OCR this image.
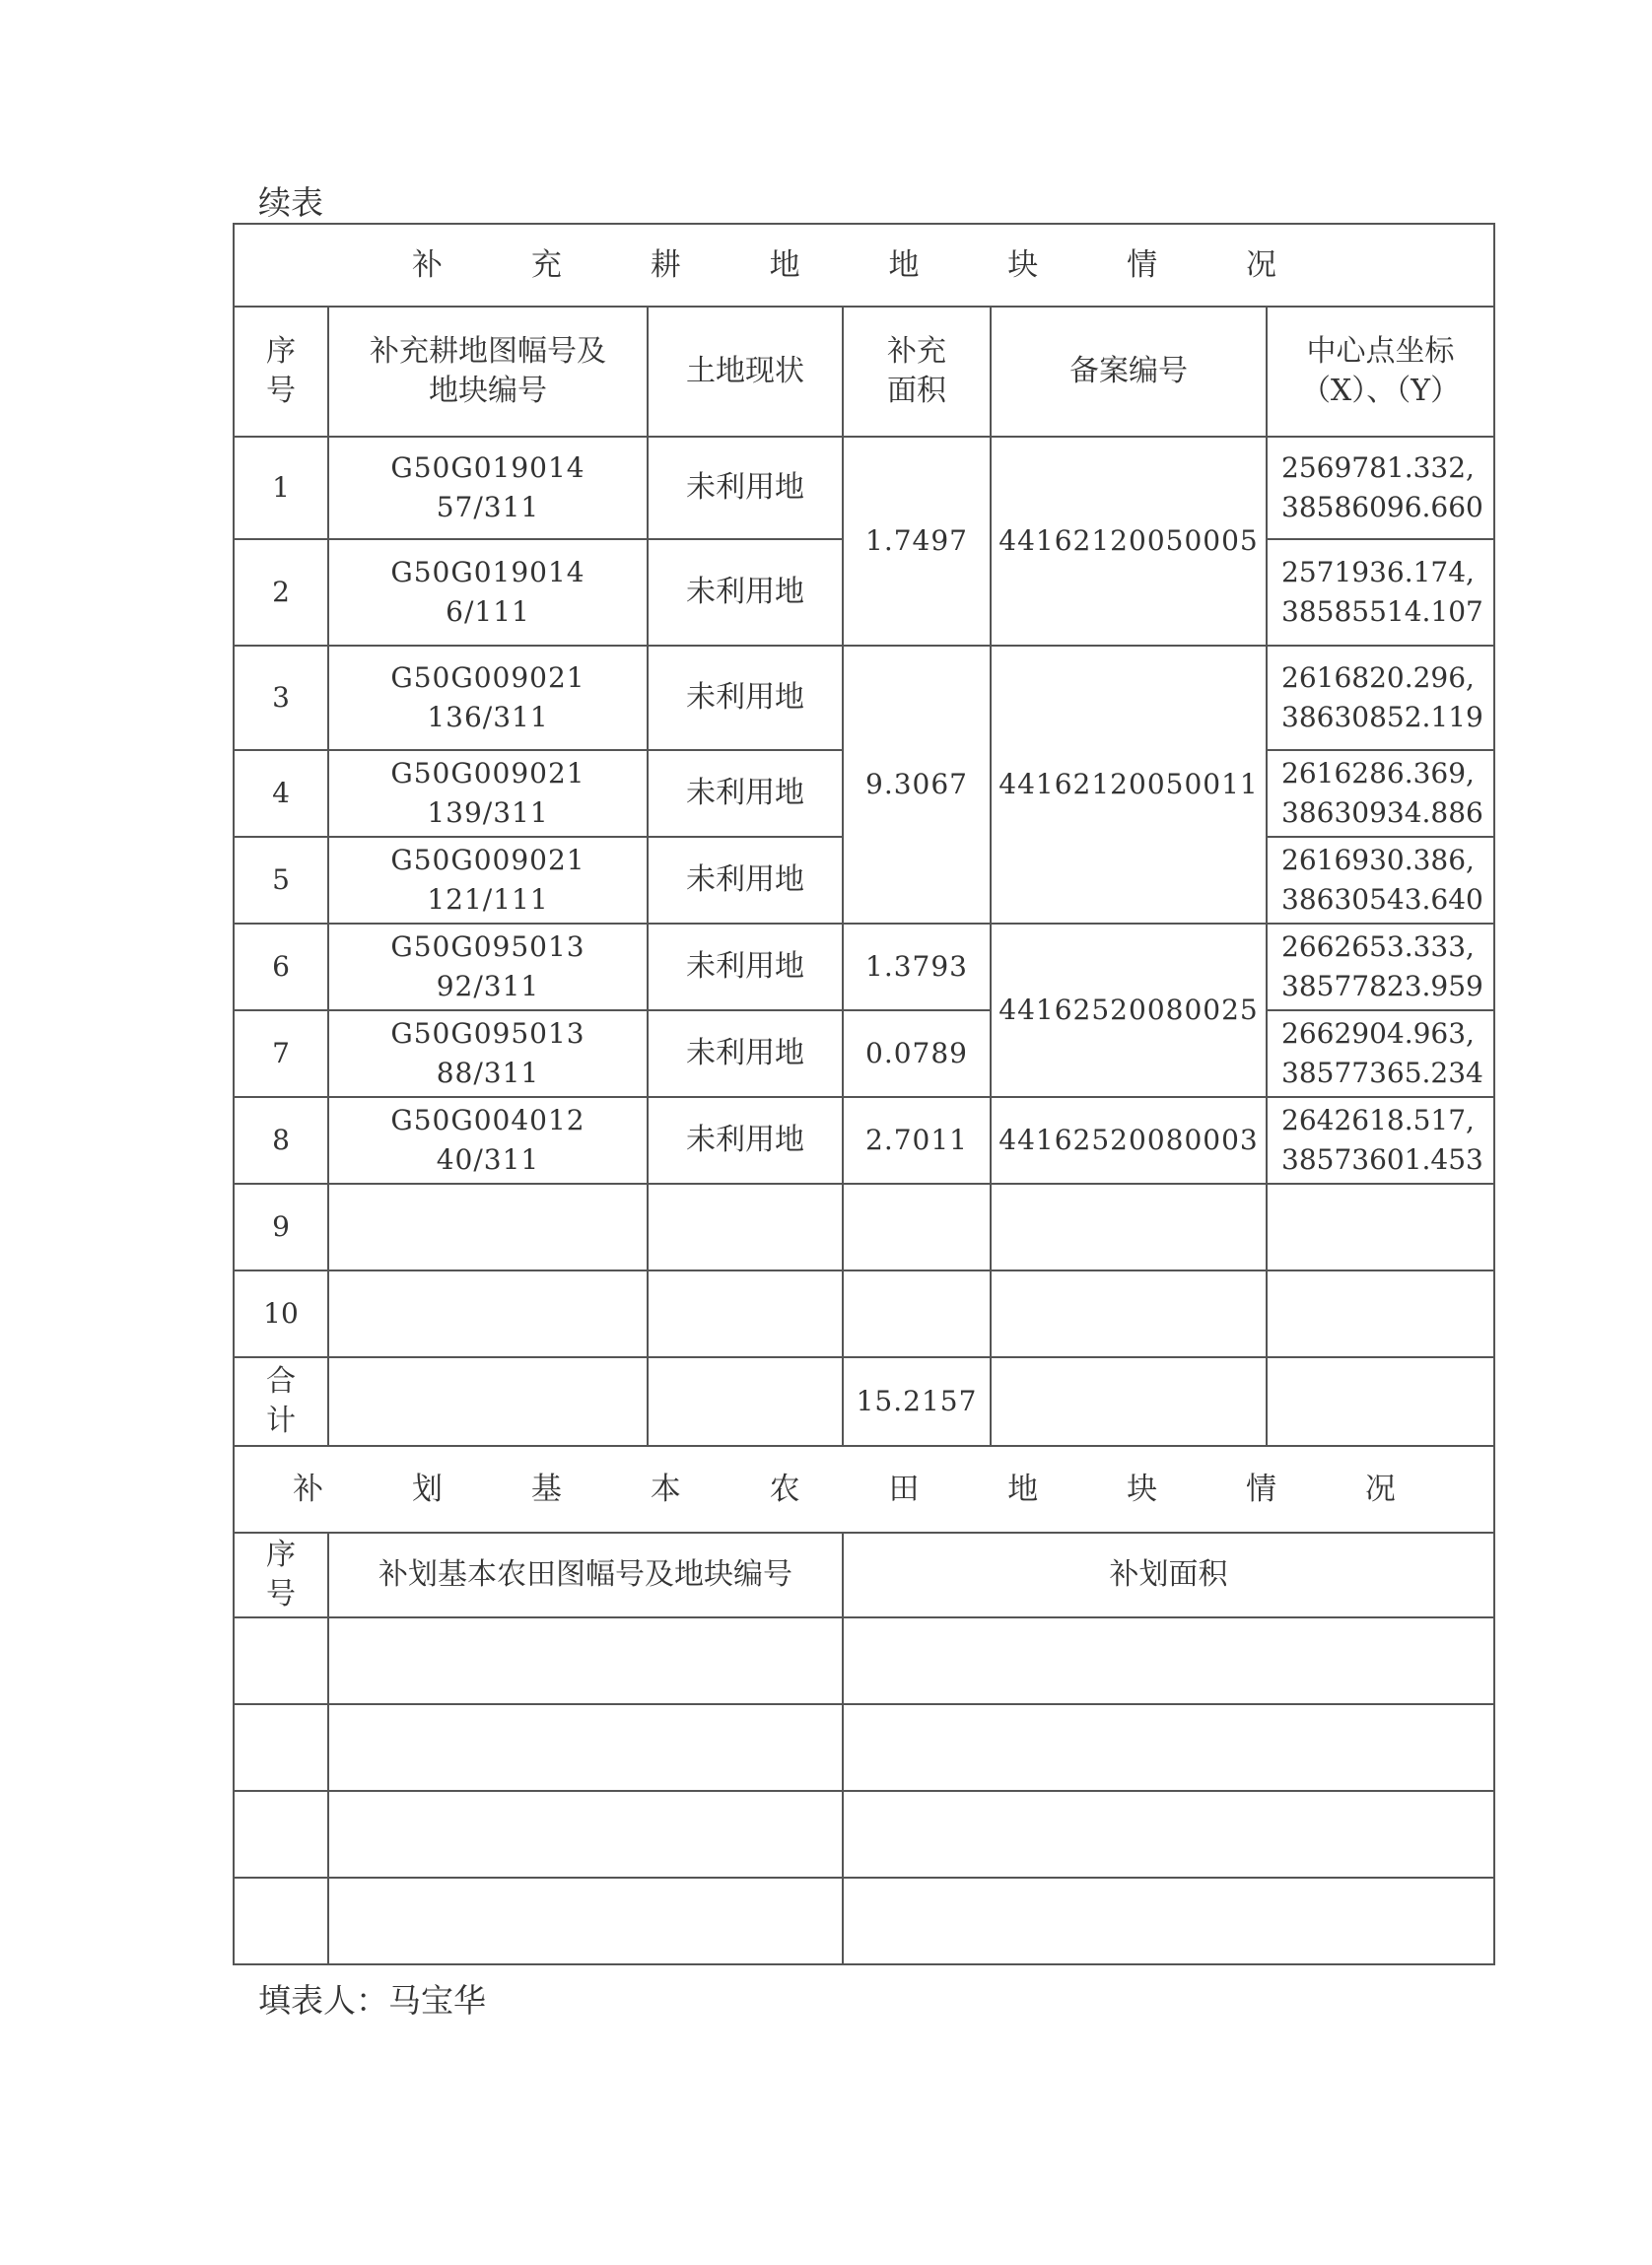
续表
补 充 耕 地 地 块 情 况					

序
号	补充耕地图幅号及
地块编号	土地现状	补充
面积	备案编号	中心点坐标
（X）、（Y）

1	G50G019014
57/311	未利用地	1.7497	44162120050005	2569781.332,
38586096.660

2	G50G019014
6/111	未利用地			2571936.174,
38585514.107

3	G50G009021
136/311	未利用地	9.3067	44162120050011	2616820.296,
38630852.119

4	G50G009021
139/311	未利用地			2616286.369,
38630934.886

5	G50G009021
121/111	未利用地			2616930.386,
38630543.640

6	G50G095013
92/311	未利用地	1.3793	44162520080025	2662653.333,
38577823.959

7	G50G095013
88/311	未利用地	0.0789		2662904.963,
38577365.234

8	G50G004012
40/311	未利用地	2.7011	44162520080003	2642618.517,
38573601.453

9					
10					

合
计			15.2157		
补 划 基 本 农 田 地 块 情 况					

序
号	补划基本农田图幅号及地块编号		补划面积		

填表人：马宝华
